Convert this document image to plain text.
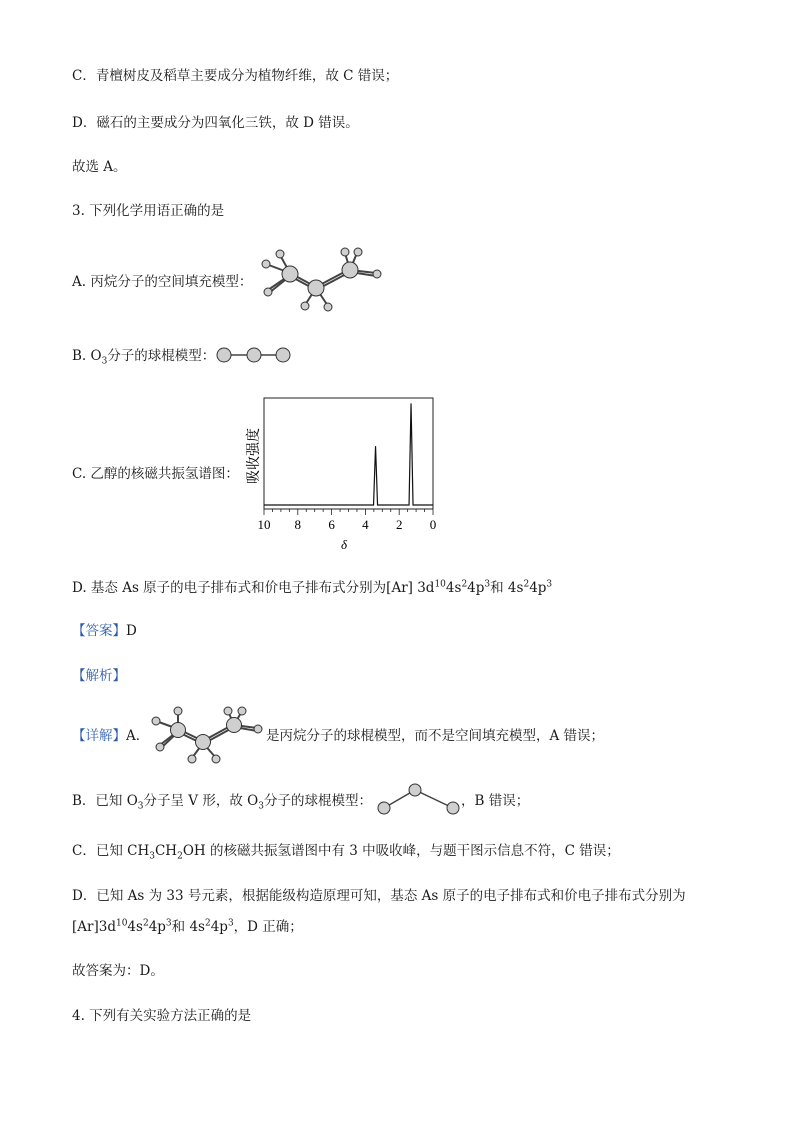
C．青檀树皮及稻草主要成分为植物纤维，故 C 错误；
D．磁石的主要成分为四氧化三铁，故 D 错误。
故选 A。
3. 下列化学用语正确的是
A. 丙烷分子的空间填充模型：
B. $O_3$分子的球棍模型：
C. 乙醇的核磁共振氢谱图：
10 8 6 4 2 0
吸收强度
δ
D. 基态 As 原子的电子排布式和价电子排布式分别为[Ar] $3d^{10}4s^24p^3$和 $4s^24p^3$
【答案】D
【解析】
【详解】A．	是丙烷分子的球棍模型，而不是空间填充模型，A 错误；
B．已知 $O_3$分子呈 V 形，故 $O_3$分子的球棍模型：	，B 错误；
C．已知 $CH_3CH_2OH$ 的核磁共振氢谱图中有 3 中吸收峰，与题干图示信息不符，C 错误；
D．已知 As 为 33 号元素，根据能级构造原理可知，基态 As 原子的电子排布式和价电子排布式分别为
$[Ar]3d^{10}4s^24p^3$和 $4s^24p^3$，D 正确；
故答案为：D。
4. 下列有关实验方法正确的是
